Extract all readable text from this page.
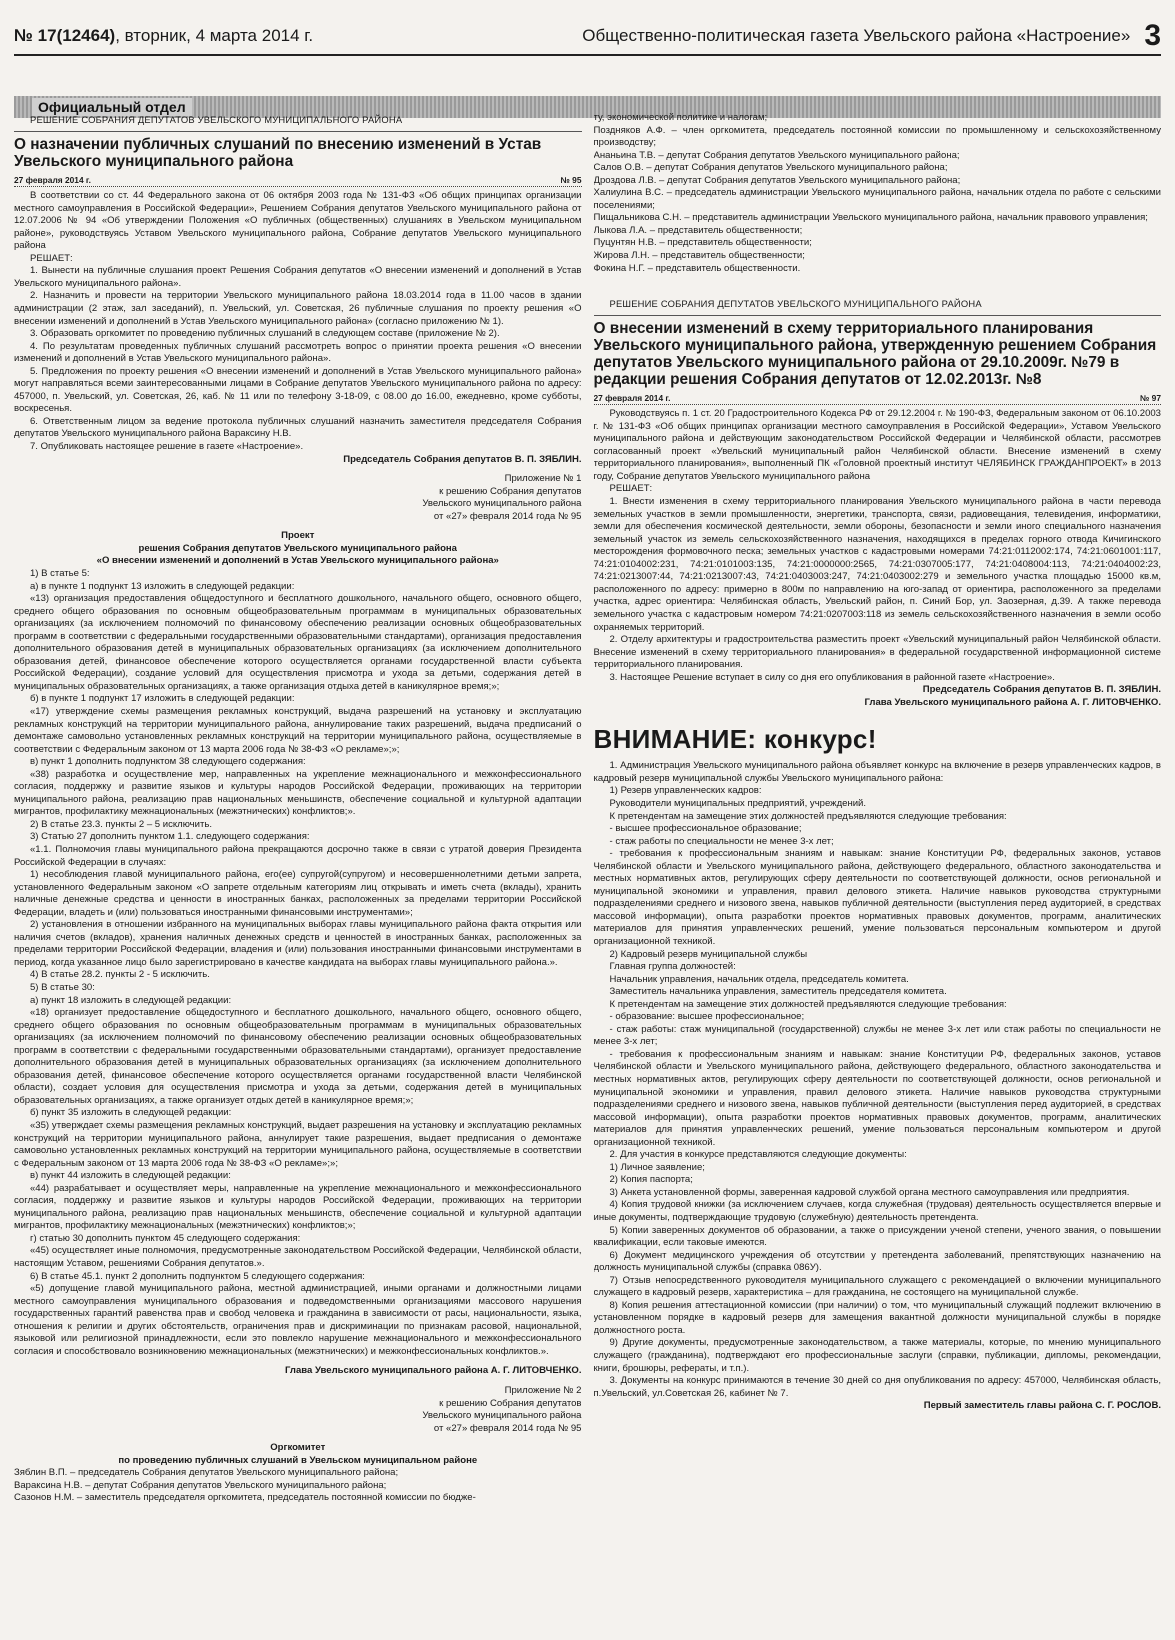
№ 17(12464), вторник, 4 марта 2014 г.	Общественно-политическая газета Увельского района «Настроение» 3
Официальный отдел

РЕШЕНИЕ СОБРАНИЯ ДЕПУТАТОВ УВЕЛЬСКОГО МУНИЦИПАЛЬНОГО РАЙОНА

О назначении публичных слушаний по внесению изменений в Устав Увельского муниципального района
27 февраля 2014 г.	№ 95

В соответствии со ст. 44 Федерального закона от 06 октября 2003 года № 131-ФЗ «Об общих принципах организации местного самоуправления в Российской Федерации», Решением Собрания депутатов Увельского муниципального района от 12.07.2006 № 94 «Об утверждении Положения «О публичных (общественных) слушаниях в Увельском муниципальном районе», руководствуясь Уставом Увельского муниципального района, Собрание депутатов Увельского муниципального района

РЕШАЕТ:

1. Вынести на публичные слушания проект Решения Собрания депутатов «О внесении изменений и дополнений в Устав Увельского муниципального района».

2. Назначить и провести на территории Увельского муниципального района 18.03.2014 года в 11.00 часов в здании администрации (2 этаж, зал заседаний), п. Увельский, ул. Советская, 26 публичные слушания по проекту решения «О внесении изменений и дополнений в Устав Увельского муниципального района» (согласно приложению № 1).

3. Образовать оргкомитет по проведению публичных слушаний в следующем составе (приложение № 2).

4. По результатам проведенных публичных слушаний рассмотреть вопрос о принятии проекта решения «О внесении изменений и дополнений в Устав Увельского муниципального района».

5. Предложения по проекту решения «О внесении изменений и дополнений в Устав Увельского муниципального района» могут направляться всеми заинтересованными лицами в Собрание депутатов Увельского муниципального района по адресу: 457000, п. Увельский, ул. Советская, 26, каб. № 11 или по телефону 3-18-09, с 08.00 до 16.00, ежедневно, кроме субботы, воскресенья.

6. Ответственным лицом за ведение протокола публичных слушаний назначить заместителя председателя Собрания депутатов Увельского муниципального района Варaксину Н.В.

7. Опубликовать настоящее решение в газете «Настроение».

Председатель Собрания депутатов В. П. ЗЯБЛИН.

Приложение № 1

к решению Собрания депутатов

Увельского муниципального района

от «27» февраля 2014 года № 95

Проект

решения Собрания депутатов Увельского муниципального района

«О внесении изменений и дополнений в Устав Увельского муниципального района»

1) В статье 5:

а) в пункте 1 подпункт 13 изложить в следующей редакции:

«13) организация предоставления общедоступного и бесплатного дошкольного, начального общего, основного общего, среднего общего образования по основным общеобразовательным программам в муниципальных образовательных организациях (за исключением полномочий по финансовому обеспечению реализации основных общеобразовательных программ в соответствии с федеральными государственными образовательными стандартами), организация предоставления дополнительного образования детей в муниципальных образовательных организациях (за исключением дополнительного образования детей, финансовое обеспечение которого осуществляется органами государственной власти субъекта Российской Федерации), создание условий для осуществления присмотра и ухода за детьми, содержания детей в муниципальных образовательных организациях, а также организация отдыха детей в каникулярное время;»;

б) в пункте 1 подпункт 17 изложить в следующей редакции:

«17) утверждение схемы размещения рекламных конструкций, выдача разрешений на установку и эксплуатацию рекламных конструкций на территории муниципального района, аннулирование таких разрешений, выдача предписаний о демонтаже самовольно установленных рекламных конструкций на территории муниципального района, осуществляемые в соответствии с Федеральным законом от 13 марта 2006 года № 38-ФЗ «О рекламе»;»;

в) пункт 1 дополнить подпунктом 38 следующего содержания:

«38) разработка и осуществление мер, направленных на укрепление межнационального и межконфессионального согласия, поддержку и развитие языков и культуры народов Российской Федерации, проживающих на территории муниципального района, реализацию прав национальных меньшинств, обеспечение социальной и культурной адаптации мигрантов, профилактику межнациональных (межэтнических) конфликтов;».

2) В статье 23.3. пункты 2 – 5 исключить.

3) Статью 27 дополнить пунктом 1.1. следующего содержания:

«1.1. Полномочия главы муниципального района прекращаются досрочно также в связи с утратой доверия Президента Российской Федерации в случаях:

1) несоблюдения главой муниципального района, его(ее) супругой(супругом) и несовершеннолетними детьми запрета, установленного Федеральным законом «О запрете отдельным категориям лиц открывать и иметь счета (вклады), хранить наличные денежные средства и ценности в иностранных банках, расположенных за пределами территории Российской Федерации, владеть и (или) пользоваться иностранными финансовыми инструментами»;

2) установления в отношении избранного на муниципальных выборах главы муниципального района факта открытия или наличия счетов (вкладов), хранения наличных денежных средств и ценностей в иностранных банках, расположенных за пределами территории Российской Федерации, владения и (или) пользования иностранными финансовыми инструментами в период, когда указанное лицо было зарегистрировано в качестве кандидата на выборах главы муниципального района.».

4) В статье 28.2. пункты 2 - 5 исключить.

5) В статье 30:

а) пункт 18 изложить в следующей редакции:

«18) организует предоставление общедоступного и бесплатного дошкольного, начального общего, основного общего, среднего общего образования по основным общеобразовательным программам в муниципальных образовательных организациях (за исключением полномочий по финансовому обеспечению реализации основных общеобразовательных программ в соответствии с федеральными государственными образовательными стандартами), организует предоставление дополнительного образования детей в муниципальных образовательных организациях (за исключением дополнительного образования детей, финансовое обеспечение которого осуществляется органами государственной власти Челябинской области), создает условия для осуществления присмотра и ухода за детьми, содержания детей в муниципальных образовательных организациях, а также организует отдых детей в каникулярное время;»;

б) пункт 35 изложить в следующей редакции:

«35) утверждает схемы размещения рекламных конструкций, выдает разрешения на установку и эксплуатацию рекламных конструкций на территории муниципального района, аннулирует такие разрешения, выдает предписания о демонтаже самовольно установленных рекламных конструкций на территории муниципального района, осуществляемые в соответствии с Федеральным законом от 13 марта 2006 года № 38-ФЗ «О рекламе»;»;

в) пункт 44 изложить в следующей редакции:

«44) разрабатывает и осуществляет меры, направленные на укрепление межнационального и межконфессионального согласия, поддержку и развитие языков и культуры народов Российской Федерации, проживающих на территории муниципального района, реализацию прав национальных меньшинств, обеспечение социальной и культурной адаптации мигрантов, профилактику межнациональных (межэтнических) конфликтов;»;

г) статью 30 дополнить пунктом 45 следующего содержания:

«45) осуществляет иные полномочия, предусмотренные законодательством Российской Федерации, Челябинской области, настоящим Уставом, решениями Собрания депутатов.».

6) В статье 45.1. пункт 2 дополнить подпунктом 5 следующего содержания:

«5) допущение главой муниципального района, местной администрацией, иными органами и должностными лицами местного самоуправления муниципального образования и подведомственными организациями массового нарушения государственных гарантий равенства прав и свобод человека и гражданина в зависимости от расы, национальности, языка, отношения к религии и других обстоятельств, ограничения прав и дискриминации по признакам расовой, национальной, языковой или религиозной принадлежности, если это повлекло нарушение межнационального и межконфессионального согласия и способствовало возникновению межнациональных (межэтнических) и межконфессиональных конфликтов.».

Глава Увельского муниципального района А. Г. ЛИТОВЧЕНКО.

Приложение № 2

к решению Собрания депутатов

Увельского муниципального района

от «27» февраля 2014 года № 95

Оргкомитет

по проведению публичных слушаний в Увельском муниципальном районе

Зяблин В.П. – председатель Собрания депутатов Увельского муниципального района;

Варaксина Н.В. – депутат Собрания депутатов Увельского муниципального района;

Сазонов Н.М. – заместитель председателя оргкомитета, председатель постоянной комиссии по бюдже-

ту, экономической политике и налогам;

Поздняков А.Ф. – член оргкомитета, председатель постоянной комиссии по промышленному и сельскохозяйственному производству;

Ананьина Т.В. – депутат Собрания депутатов Увельского муниципального района;

Салов О.В. – депутат Собрания депутатов Увельского муниципального района;

Дроздова Л.В. – депутат Собрания депутатов Увельского муниципального района;

Халиулина В.С. – председатель администрации Увельского муниципального района, начальник отдела по работе с сельскими поселениями;

Пищальникова С.Н. – представитель администрации Увельского муниципального района, начальник правового управления;

Лыкова Л.А. – представитель общественности;

Пуцунтян Н.В. – представитель общественности;

Жирова Л.Н. – представитель общественности;

Фокина Н.Г. – представитель общественности.

РЕШЕНИЕ СОБРАНИЯ ДЕПУТАТОВ УВЕЛЬСКОГО МУНИЦИПАЛЬНОГО РАЙОНА

О внесении изменений в схему территориального планирования Увельского муниципального района, утвержденную решением Собрания депутатов Увельского муниципального района от 29.10.2009г. №79 в редакции решения Собрания депутатов от 12.02.2013г. №8
27 февраля 2014 г.	№ 97

Руководствуясь п. 1 ст. 20 Градостроительного Кодекса РФ от 29.12.2004 г. № 190-ФЗ, Федеральным законом от 06.10.2003 г. № 131-ФЗ «Об общих принципах организации местного самоуправления в Российской Федерации», Уставом Увельского муниципального района и действующим законодательством Российской Федерации и Челябинской области, рассмотрев согласованный проект «Увельский муниципальный район Челябинской области. Внесение изменений в схему территориального планирования», выполненный ПК «Головной проектный институт ЧЕЛЯБИНСК ГРАЖДАНПРОЕКТ» в 2013 году, Собрание депутатов Увельского муниципального района

РЕШАЕТ:

1. Внести изменения в схему территориального планирования Увельского муниципального района в части перевода земельных участков в земли промышленности, энергетики, транспорта, связи, радиовещания, телевидения, информатики, земли для обеспечения космической деятельности, земли обороны, безопасности и земли иного специального назначения земельный участок из земель сельскохозяйственного назначения, находящихся в пределах горного отвода Кичигинского месторождения формовочного песка; земельных участков с кадастровыми номерами 74:21:0112002:174, 74:21:0601001:117, 74:21:0104002:231, 74:21:0101003:135, 74:21:0000000:2565, 74:21:0307005:177, 74:21:0408004:113, 74:21:0404002:23, 74:21:0213007:44, 74:21:0213007:43, 74:21:0403003:247, 74:21:0403002:279 и земельного участка площадью 15000 кв.м, расположенного по адресу: примерно в 800м по направлению на юго-запад от ориентира, расположенного за пределами участка, адрес ориентира: Челябинская область, Увельский район, п. Синий Бор, ул. Заозерная, д.39. А также перевода земельного участка с кадастровым номером 74:21:0207003:118 из земель сельскохозяйственного назначения в земли особо охраняемых территорий.

2. Отделу архитектуры и градостроительства разместить проект «Увельский муниципальный район Челябинской области. Внесение изменений в схему территориального планирования» в федеральной государственной информационной системе территориального планирования.

3. Настоящее Решение вступает в силу со дня его опубликования в районной газете «Настроение».

Председатель Собрания депутатов В. П. ЗЯБЛИН.

Глава Увельского муниципального района А. Г. ЛИТОВЧЕНКО.

ВНИМАНИЕ: конкурс!

1. Администрация Увельского муниципального района объявляет конкурс на включение в резерв управленческих кадров, в кадровый резерв муниципальной службы Увельского муниципального района:

1) Резерв управленческих кадров:

Руководители муниципальных предприятий, учреждений.

К претендентам на замещение этих должностей предъявляются следующие требования:

- высшее профессиональное образование;

- стаж работы по специальности не менее 3-х лет;

- требования к профессиональным знаниям и навыкам: знание Конституции РФ, федеральных законов, уставов Челябинской области и Увельского муниципального района, действующего федерального, областного законодательства и местных нормативных актов, регулирующих сферу деятельности по соответствующей должности, основ региональной и муниципальной экономики и управления, правил делового этикета. Наличие навыков руководства структурными подразделениями среднего и низового звена, навыков публичной деятельности (выступления перед аудиторией, в средствах массовой информации), опыта разработки проектов нормативных правовых документов, программ, аналитических материалов для принятия управленческих решений, умение пользоваться персональным компьютером и другой организационной техникой.

2) Кадровый резерв муниципальной службы

Главная группа должностей:

Начальник управления, начальник отдела, председатель комитета.

Заместитель начальника управления, заместитель председателя комитета.

К претендентам на замещение этих должностей предъявляются следующие требования:

- образование: высшее профессиональное;

- стаж работы: стаж муниципальной (государственной) службы не менее 3-х лет или стаж работы по специальности не менее 3-х лет;

- требования к профессиональным знаниям и навыкам: знание Конституции РФ, федеральных законов, уставов Челябинской области и Увельского муниципального района, действующего федерального, областного законодательства и местных нормативных актов, регулирующих сферу деятельности по соответствующей должности, основ региональной и муниципальной экономики и управления, правил делового этикета. Наличие навыков руководства структурными подразделениями среднего и низового звена, навыков публичной деятельности (выступления перед аудиторией, в средствах массовой информации), опыта разработки проектов нормативных правовых документов, программ, аналитических материалов для принятия управленческих решений, умение пользоваться персональным компьютером и другой организационной техникой.

2. Для участия в конкурсе представляются следующие документы:

1) Личное заявление;

2) Копия паспорта;

3) Анкета установленной формы, заверенная кадровой службой органа местного самоуправления или предприятия.

4) Копия трудовой книжки (за исключением случаев, когда служебная (трудовая) деятельность осуществляется впервые и иные документы, подтверждающие трудовую (служебную) деятельность претендента.

5) Копии заверенных документов об образовании, а также о присуждении ученой степени, ученого звания, о повышении квалификации, если таковые имеются.

6) Документ медицинского учреждения об отсутствии у претендента заболеваний, препятствующих назначению на должность муниципальной службы (справка 086У).

7) Отзыв непосредственного руководителя муниципального служащего с рекомендацией о включении муниципального служащего в кадровый резерв, характеристика – для гражданина, не состоящего на муниципальной службе.

8) Копия решения аттестационной комиссии (при наличии) о том, что муниципальный служащий подлежит включению в установленном порядке в кадровый резерв для замещения вакантной должности муниципальной службы в порядке должностного роста.

9) Другие документы, предусмотренные законодательством, а также материалы, которые, по мнению муниципального служащего (гражданина), подтверждают его профессиональные заслуги (справки, публикации, дипломы, рекомендации, книги, брошюры, рефераты, и т.п.).

3. Документы на конкурс принимаются в течение 30 дней со дня опубликования по адресу: 457000, Челябинская область, п.Увельский, ул.Советская 26, кабинет № 7.

Первый заместитель главы района С. Г. РОСЛОВ.
